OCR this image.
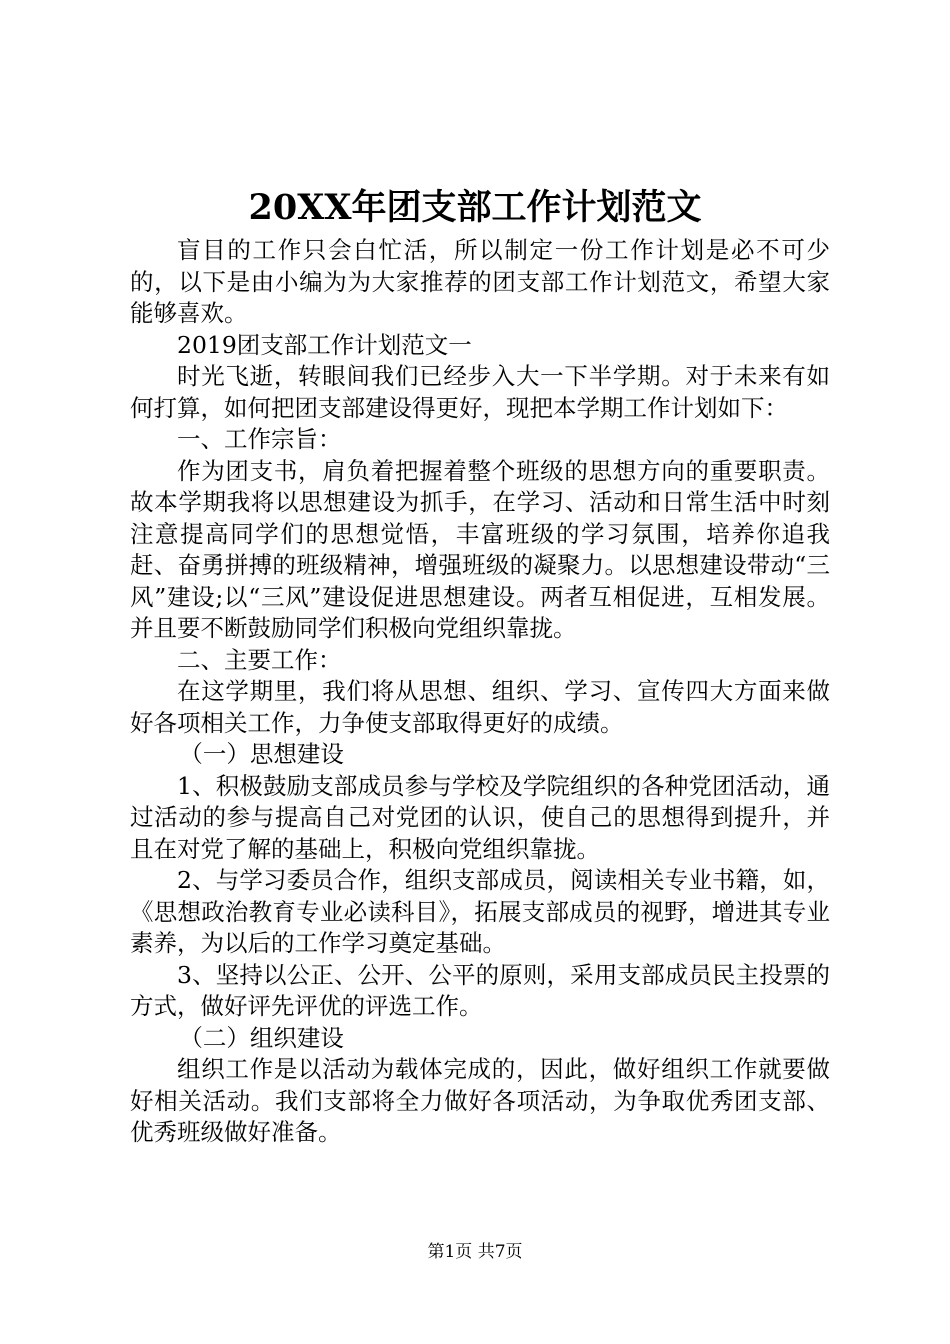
20XX年团支部工作计划范文

盲目的工作只会白忙活，所以制定一份工作计划是必不可少的，以下是由小编为为大家推荐的团支部工作计划范文，希望大家能够喜欢。

2019团支部工作计划范文一

时光飞逝，转眼间我们已经步入大一下半学期。对于未来有如何打算，如何把团支部建设得更好，现把本学期工作计划如下：

一、工作宗旨：

作为团支书，肩负着把握着整个班级的思想方向的重要职责。故本学期我将以思想建设为抓手，在学习、活动和日常生活中时刻注意提高同学们的思想觉悟，丰富班级的学习氛围，培养你追我赶、奋勇拼搏的班级精神，增强班级的凝聚力。以思想建设带动“三风”建设;以“三风”建设促进思想建设。两者互相促进，互相发展。并且要不断鼓励同学们积极向党组织靠拢。

二、主要工作：

在这学期里，我们将从思想、组织、学习、宣传四大方面来做好各项相关工作，力争使支部取得更好的成绩。

（一）思想建设

1、积极鼓励支部成员参与学校及学院组织的各种党团活动，通过活动的参与提高自己对党团的认识，使自己的思想得到提升，并且在对党了解的基础上，积极向党组织靠拢。

2、与学习委员合作，组织支部成员，阅读相关专业书籍，如，《思想政治教育专业必读科目》，拓展支部成员的视野，增进其专业素养，为以后的工作学习奠定基础。

3、坚持以公正、公开、公平的原则，采用支部成员民主投票的方式，做好评先评优的评选工作。

（二）组织建设

组织工作是以活动为载体完成的，因此，做好组织工作就要做好相关活动。我们支部将全力做好各项活动，为争取优秀团支部、优秀班级做好准备。

第1页 共7页
